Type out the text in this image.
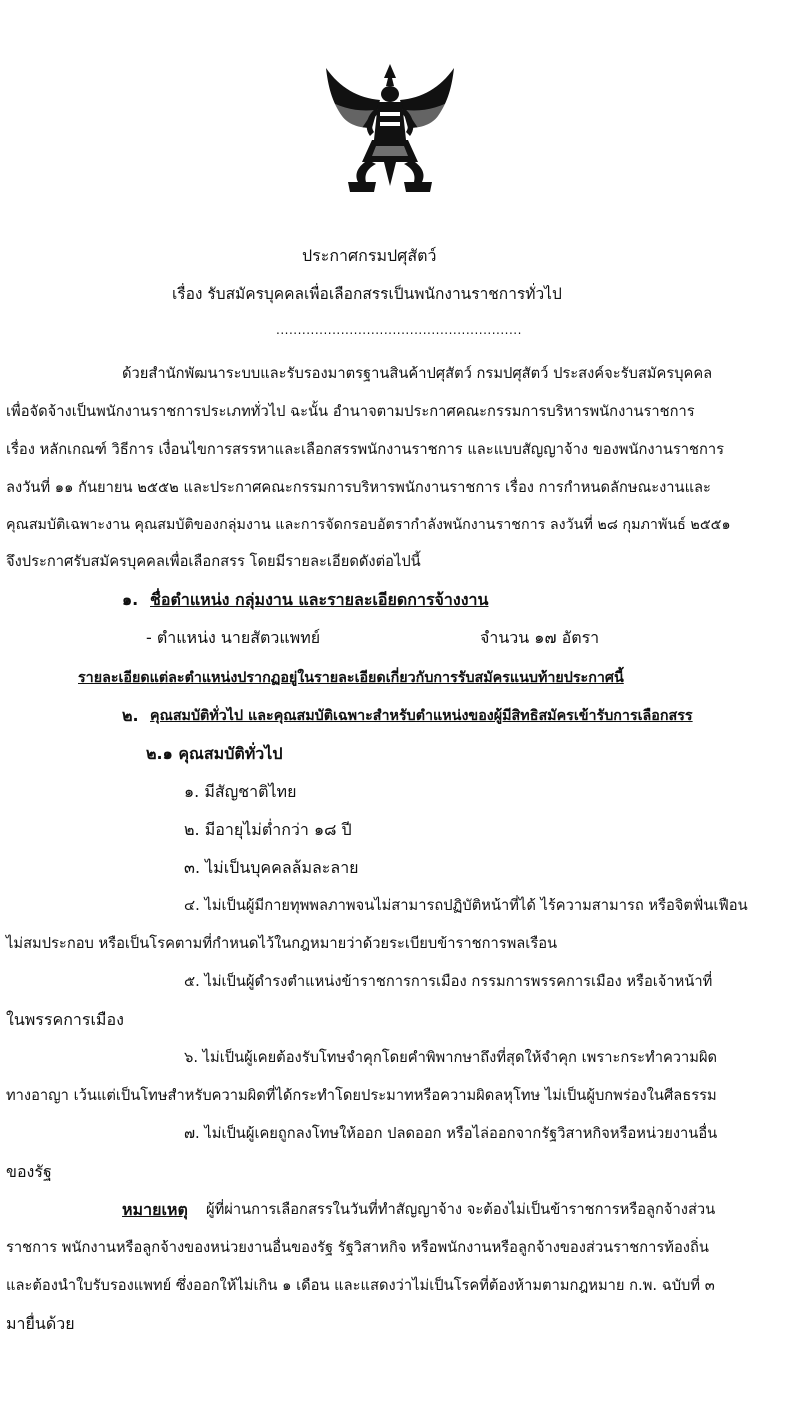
ประกาศกรมปศุสัตว์
เรื่อง รับสมัครบุคคลเพื่อเลือกสรรเป็นพนักงานราชการทั่วไป
.........................................................
ด้วยสำนักพัฒนาระบบและรับรองมาตรฐานสินค้าปศุสัตว์ กรมปศุสัตว์ ประสงค์จะรับสมัครบุคคล
เพื่อจัดจ้างเป็นพนักงานราชการประเภททั่วไป ฉะนั้น อำนาจตามประกาศคณะกรรมการบริหารพนักงานราชการ
เรื่อง หลักเกณฑ์ วิธีการ เงื่อนไขการสรรหาและเลือกสรรพนักงานราชการ และแบบสัญญาจ้าง ของพนักงานราชการ
ลงวันที่ ๑๑ กันยายน ๒๕๕๒ และประกาศคณะกรรมการบริหารพนักงานราชการ เรื่อง การกำหนดลักษณะงานและ
คุณสมบัติเฉพาะงาน คุณสมบัติของกลุ่มงาน และการจัดกรอบอัตรากำลังพนักงานราชการ ลงวันที่ ๒๘ กุมภาพันธ์ ๒๕๕๑
จึงประกาศรับสมัครบุคคลเพื่อเลือกสรร โดยมีรายละเอียดดังต่อไปนี้
๑. ชื่อตำแหน่ง กลุ่มงาน และรายละเอียดการจ้างงาน
- ตำแหน่ง นายสัตวแพทย์	จำนวน ๑๗ อัตรา
รายละเอียดแต่ละตำแหน่งปรากฏอยู่ในรายละเอียดเกี่ยวกับการรับสมัครแนบท้ายประกาศนี้
๒. คุณสมบัติทั่วไป และคุณสมบัติเฉพาะสำหรับตำแหน่งของผู้มีสิทธิสมัครเข้ารับการเลือกสรร
๒.๑ คุณสมบัติทั่วไป
๑. มีสัญชาติไทย
๒. มีอายุไม่ต่ำกว่า ๑๘ ปี
๓. ไม่เป็นบุคคลล้มละลาย
๔. ไม่เป็นผู้มีกายทุพพลภาพจนไม่สามารถปฏิบัติหน้าที่ได้ ไร้ความสามารถ หรือจิตฟั่นเฟือน
ไม่สมประกอบ หรือเป็นโรคตามที่กำหนดไว้ในกฎหมายว่าด้วยระเบียบข้าราชการพลเรือน
๕. ไม่เป็นผู้ดำรงตำแหน่งข้าราชการการเมือง กรรมการพรรคการเมือง หรือเจ้าหน้าที่
ในพรรคการเมือง
๖. ไม่เป็นผู้เคยต้องรับโทษจำคุกโดยคำพิพากษาถึงที่สุดให้จำคุก เพราะกระทำความผิด
ทางอาญา เว้นแต่เป็นโทษสำหรับความผิดที่ได้กระทำโดยประมาทหรือความผิดลหุโทษ ไม่เป็นผู้บกพร่องในศีลธรรม
๗. ไม่เป็นผู้เคยถูกลงโทษให้ออก ปลดออก หรือไล่ออกจากรัฐวิสาหกิจหรือหน่วยงานอื่น
ของรัฐ
หมายเหตุ ผู้ที่ผ่านการเลือกสรรในวันที่ทำสัญญาจ้าง จะต้องไม่เป็นข้าราชการหรือลูกจ้างส่วน
ราชการ พนักงานหรือลูกจ้างของหน่วยงานอื่นของรัฐ รัฐวิสาหกิจ หรือพนักงานหรือลูกจ้างของส่วนราชการท้องถิ่น
และต้องนำใบรับรองแพทย์ ซึ่งออกให้ไม่เกิน ๑ เดือน และแสดงว่าไม่เป็นโรคที่ต้องห้ามตามกฎหมาย ก.พ. ฉบับที่ ๓
มายื่นด้วย
